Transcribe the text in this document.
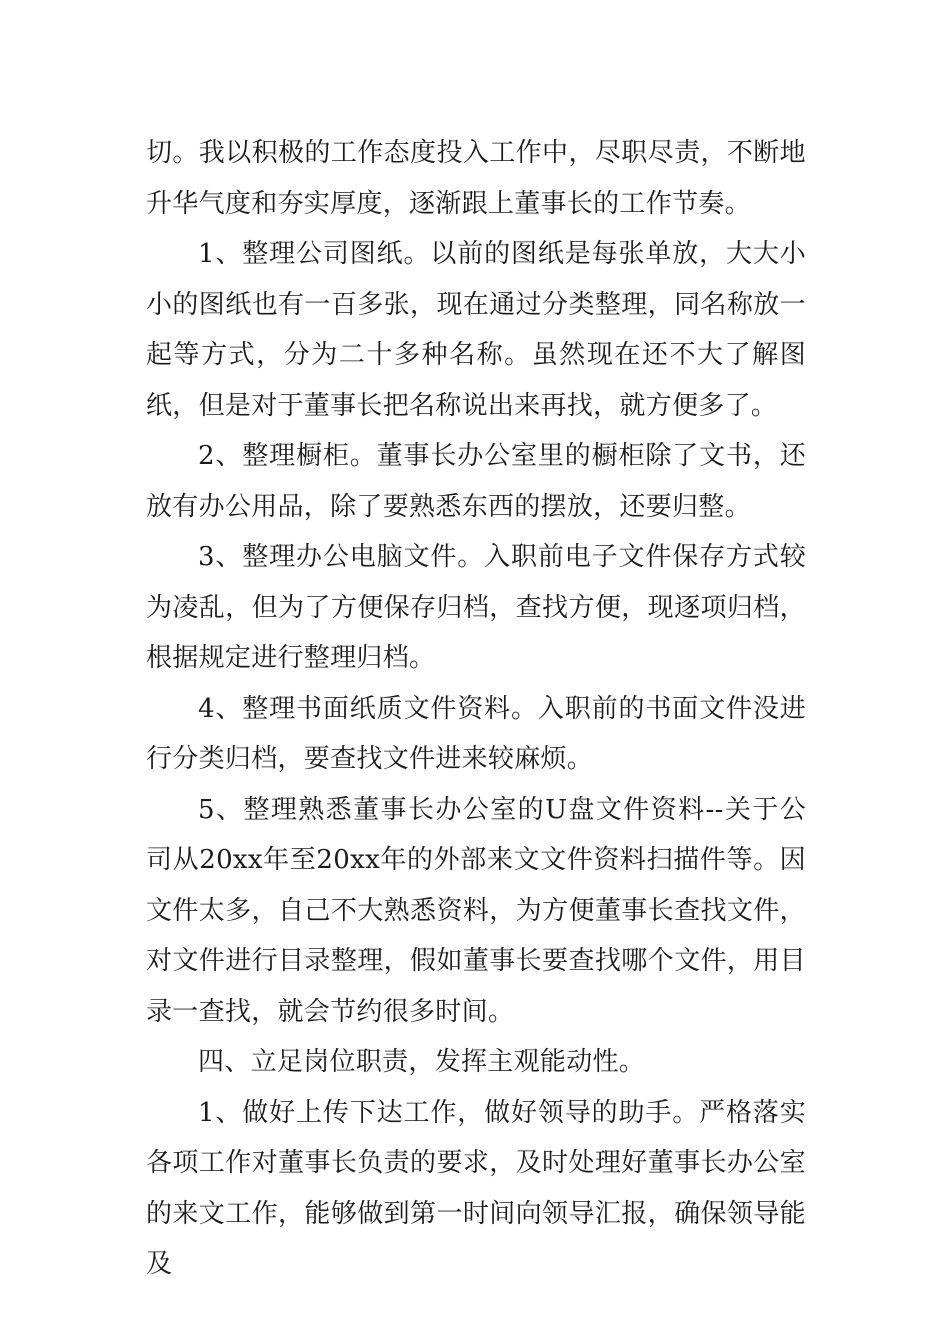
切。我以积极的工作态度投入工作中，尽职尽责，不断地升华气度和夯实厚度，逐渐跟上董事长的工作节奏。

1、整理公司图纸。以前的图纸是每张单放，大大小小的图纸也有一百多张，现在通过分类整理，同名称放一起等方式，分为二十多种名称。虽然现在还不大了解图纸，但是对于董事长把名称说出来再找，就方便多了。

2、整理橱柜。董事长办公室里的橱柜除了文书，还放有办公用品，除了要熟悉东西的摆放，还要归整。

3、整理办公电脑文件。入职前电子文件保存方式较为凌乱，但为了方便保存归档，查找方便，现逐项归档，根据规定进行整理归档。

4、整理书面纸质文件资料。入职前的书面文件没进行分类归档，要查找文件进来较麻烦。

5、整理熟悉董事长办公室的U盘文件资料--关于公司从20xx年至20xx年的外部来文文件资料扫描件等。因文件太多，自己不大熟悉资料，为方便董事长查找文件，对文件进行目录整理，假如董事长要查找哪个文件，用目录一查找，就会节约很多时间。

四、立足岗位职责，发挥主观能动性。

1、做好上传下达工作，做好领导的助手。严格落实各项工作对董事长负责的要求，及时处理好董事长办公室的来文工作，能够做到第一时间向领导汇报，确保领导能及
